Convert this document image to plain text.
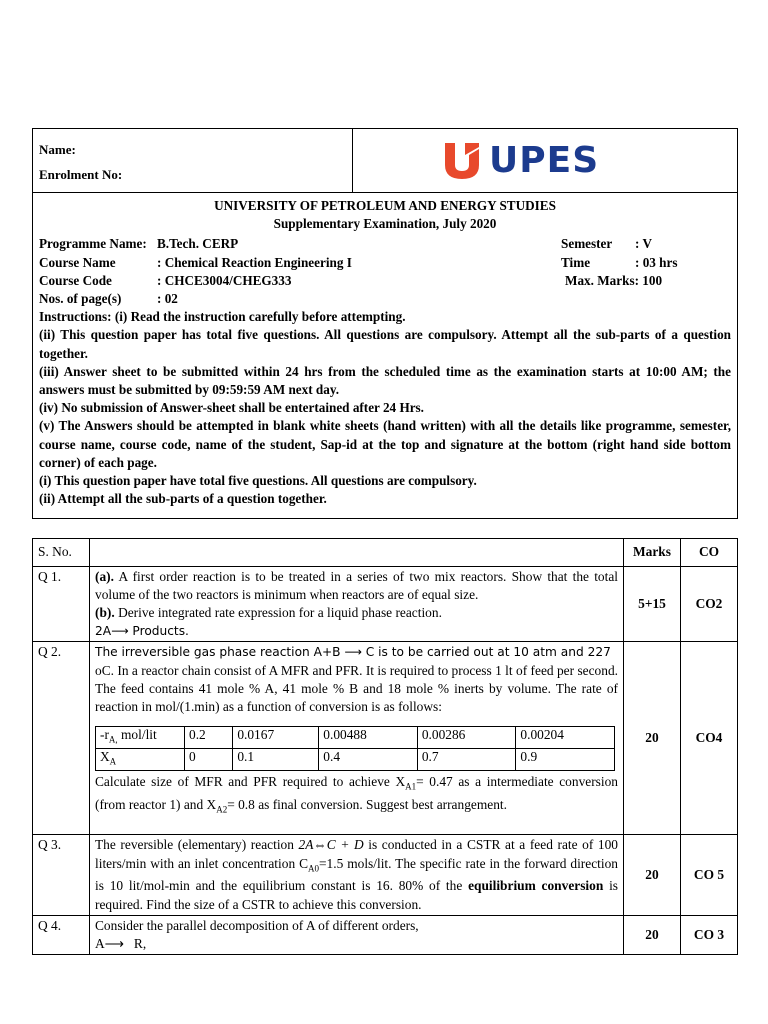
Name:
Enrolment No:	UPES
UNIVERSITY OF PETROLEUM AND ENERGY STUDIES
Supplementary Examination, July 2020
Programme Name: B.Tech. CERP	Semester	: V
Course Name	: Chemical Reaction Engineering I	Time	: 03 hrs
Course Code	: CHCE3004/CHEG333	Max. Marks: 100
Nos. of page(s)	: 02
Instructions: (i) Read the instruction carefully before attempting.
(ii) This question paper has total five questions. All questions are compulsory. Attempt all the sub-parts of a question together.
(iii) Answer sheet to be submitted within 24 hrs from the scheduled time as the examination starts at 10:00 AM; the answers must be submitted by 09:59:59 AM next day.
(iv) No submission of Answer-sheet shall be entertained after 24 Hrs.
(v) The Answers should be attempted in blank white sheets (hand written) with all the details like programme, semester, course name, course code, name of the student, Sap-id at the top and signature at the bottom (right hand side bottom corner) of each page.
(i) This question paper have total five questions. All questions are compulsory.
(ii) Attempt all the sub-parts of a question together.
S. No.		Marks	CO
Q 1.	(a). A first order reaction is to be treated in a series of two mix reactors. Show that the total volume of the two reactors is minimum when reactors are of equal size.
(b). Derive integrated rate expression for a liquid phase reaction.
2A⟶ Products.
	5+15	CO2
Q 2.	The irreversible gas phase reaction A+B ⟶ C is to be carried out at 10 atm and 227
oC. In a reactor chain consist of A MFR and PFR. It is required to process 1 lt of feed per second. The feed contains 41 mole % A, 41 mole % B and 18 mole % inerts by volume. The rate of reaction in mol/(1.min) as a function of conversion is as follows:
$-r_{A,}$ mol/lit	0.2	0.0167	0.00488	0.00286	0.00204
$X_A$	0	0.1	0.4	0.7	0.9
Calculate size of MFR and PFR required to achieve $X_{A1}= 0.47$ as a intermediate conversion (from reactor 1) and $X_{A2}= 0.8$ as final conversion. Suggest best arrangement.
	20	CO4
Q 3.	The reversible (elementary) reaction 2A⇔C + D is conducted in a CSTR at a feed rate of 100 liters/min with an inlet concentration $C_{A0}=1.5$ mols/lit. The specific rate in the forward direction is 10 lit/mol-min and the equilibrium constant is 16. 80% of the equilibrium conversion is required. Find the size of a CSTR to achieve this conversion.	20	CO 5
Q 4.	Consider the parallel decomposition of A of different orders,
A⟶ R,
	20	CO 3
